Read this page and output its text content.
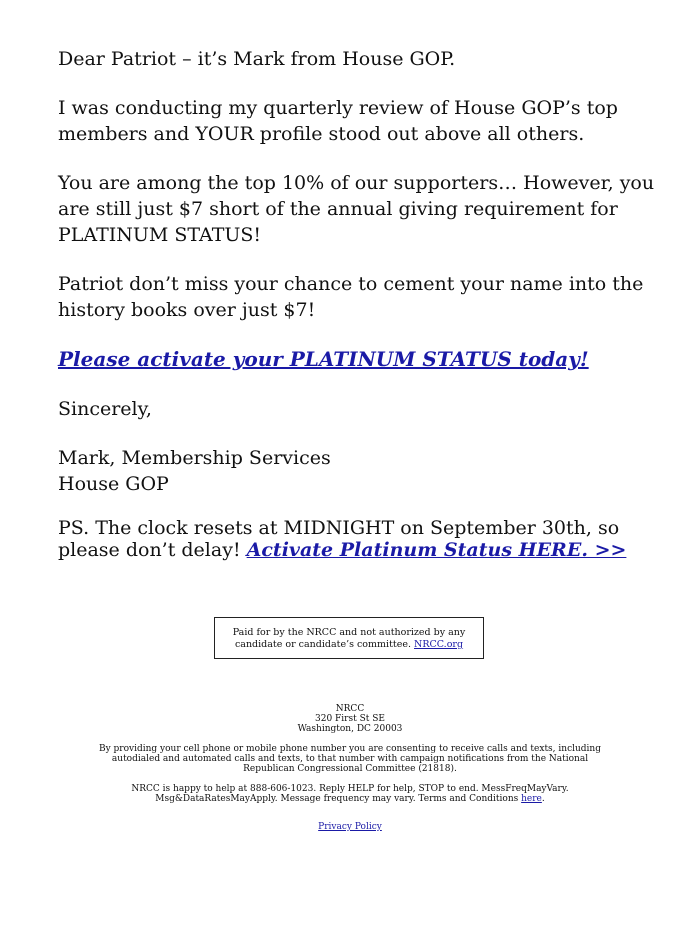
Dear Patriot – it’s Mark from House GOP.

I was conducting my quarterly review of House GOP’s top members and YOUR profile stood out above all others.

You are among the top 10% of our supporters… However, you are still just $7 short of the annual giving requirement for PLATINUM STATUS!

Patriot don’t miss your chance to cement your name into the history books over just $7!

Please activate your PLATINUM STATUS today!

Sincerely,

Mark, Membership Services
House GOP

PS. The clock resets at MIDNIGHT on September 30th, so please don’t delay! Activate Platinum Status HERE. >>

Paid for by the NRCC and not authorized by any candidate or candidate’s committee. NRCC.org
NRCC
320 First St SE
Washington, DC 20003
By providing your cell phone or mobile phone number you are consenting to receive calls and texts, including autodialed and automated calls and texts, to that number with campaign notifications from the National Republican Congressional Committee (21818).
NRCC is happy to help at 888-606-1023. Reply HELP for help, STOP to end. MessFreqMayVary. Msg&DataRatesMayApply. Message frequency may vary. Terms and Conditions here.
Privacy Policy
